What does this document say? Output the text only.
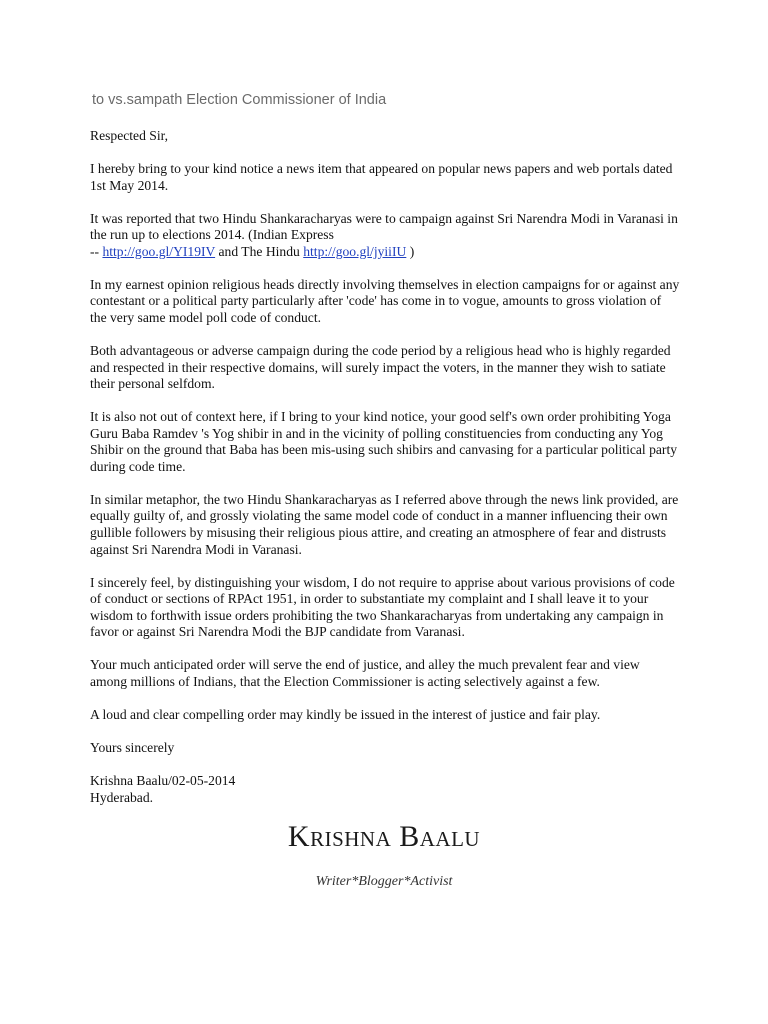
to vs.sampath Election Commissioner of India

Respected Sir,

I hereby bring to your kind notice a news item that appeared on popular news papers and web portals dated 1st May 2014.

It was reported that two Hindu Shankaracharyas were to campaign against Sri Narendra Modi in Varanasi in the run up to elections 2014. (Indian Express
-- http://goo.gl/YI19IV and The Hindu http://goo.gl/jyiiIU )

In my earnest opinion religious heads directly involving themselves in election campaigns for or against any contestant or a political party particularly after 'code' has come in to vogue, amounts to gross violation of the very same model poll code of conduct.

Both advantageous or adverse campaign during the code period by a religious head who is highly regarded and respected in their respective domains, will surely impact the voters, in the manner they wish to satiate their personal selfdom.

It is also not out of context here, if I bring to your kind notice, your good self's own order prohibiting Yoga Guru Baba Ramdev 's Yog shibir in and in the vicinity of polling constituencies from conducting any Yog Shibir on the ground that Baba has been mis-using such shibirs and canvasing for a particular political party during code time.

In similar metaphor, the two Hindu Shankaracharyas as I referred above through the news link provided, are equally guilty of, and grossly violating the same model code of conduct in a manner influencing their own gullible followers by misusing their religious pious attire, and creating an atmosphere of fear and distrusts against Sri Narendra Modi in Varanasi.

I sincerely feel, by distinguishing your wisdom, I do not require to apprise about various provisions of code of conduct or sections of RPAct 1951, in order to substantiate my complaint and I shall leave it to your wisdom to forthwith issue orders prohibiting the two Shankaracharyas from undertaking any campaign in favor or against Sri Narendra Modi the BJP candidate from Varanasi.

Your much anticipated order will serve the end of justice, and alley the much prevalent fear and view among millions of Indians, that the Election Commissioner is acting selectively against a few.

A loud and clear compelling order may kindly be issued in the interest of justice and fair play.

Yours sincerely

Krishna Baalu/02-05-2014
Hyderabad.

Krishna Baalu
Writer*Blogger*Activist
